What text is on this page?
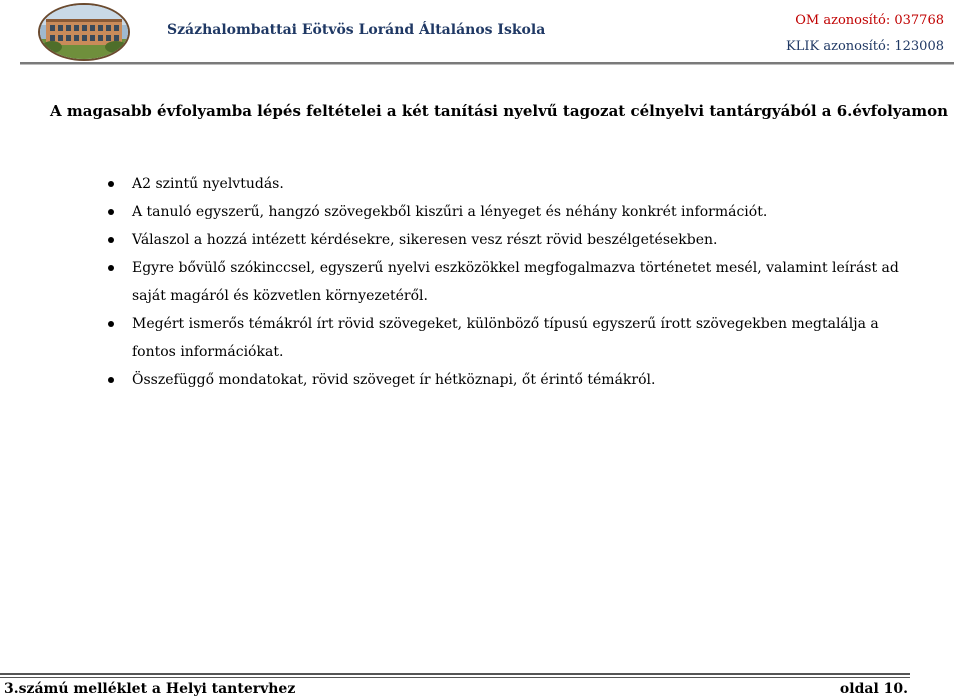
Százhalombattai Eötvös Loránd Általános Iskola
OM azonosító: 037768
KLIK azonosító: 123008
A magasabb évfolyamba lépés feltételei a két tanítási nyelvű tagozat célnyelvi tantárgyából a 6.évfolyamon
A2 szintű nyelvtudás.
A tanuló egyszerű, hangzó szövegekből kiszűri a lényeget és néhány konkrét információt.
Válaszol a hozzá intézett kérdésekre, sikeresen vesz részt rövid beszélgetésekben.
Egyre bővülő szókinccsel, egyszerű nyelvi eszközökkel megfogalmazva történetet mesél, valamint leírást ad saját magáról és közvetlen környezetéről.
Megért ismerős témákról írt rövid szövegeket, különböző típusú egyszerű írott szövegekben megtalálja a fontos információkat.
Összefüggő mondatokat, rövid szöveget ír hétköznapi, őt érintő témákról.
3.számú melléklet a Helyi tantervhez	oldal 10.
